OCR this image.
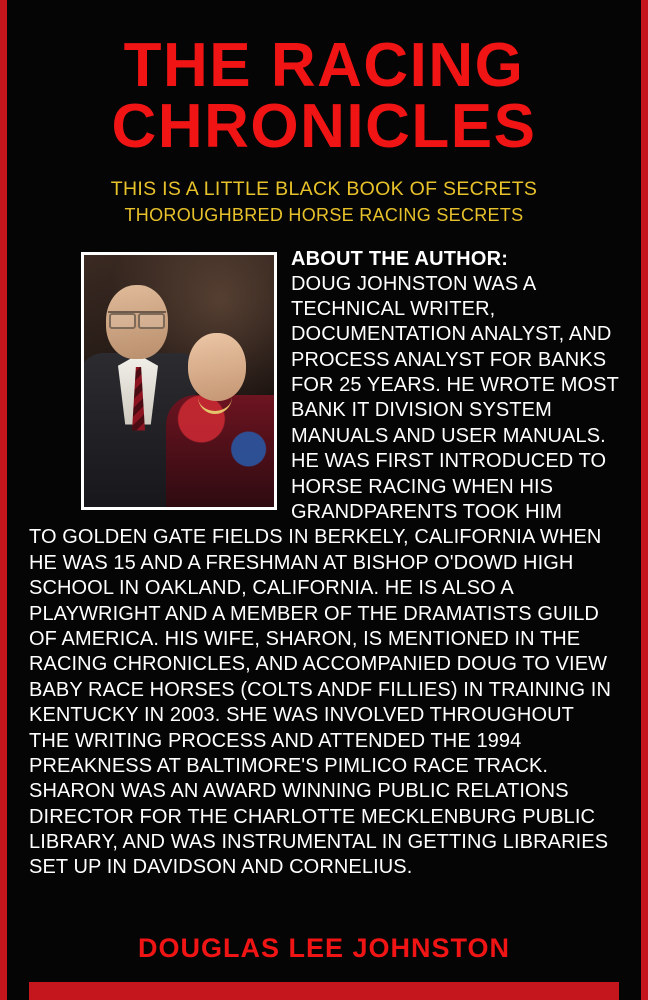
THE RACING
CHRONICLES
THIS IS A LITTLE BLACK BOOK OF SECRETS
THOROUGHBRED HORSE RACING SECRETS
ABOUT THE AUTHOR:
DOUG JOHNSTON WAS A TECHNICAL WRITER, DOCUMENTATION ANALYST, AND PROCESS ANALYST FOR BANKS FOR 25 YEARS. HE WROTE MOST BANK IT DIVISION SYSTEM MANUALS AND USER MANUALS. HE WAS FIRST INTRODUCED TO HORSE RACING WHEN HIS GRANDPARENTS TOOK HIM
TO GOLDEN GATE FIELDS IN BERKELY, CALIFORNIA WHEN HE WAS 15 AND A FRESHMAN AT BISHOP O'DOWD HIGH SCHOOL IN OAKLAND, CALIFORNIA. HE IS ALSO A PLAYWRIGHT AND A MEMBER OF THE DRAMATISTS GUILD OF AMERICA. HIS WIFE, SHARON, IS MENTIONED IN THE RACING CHRONICLES, AND ACCOMPANIED DOUG TO VIEW BABY RACE HORSES (COLTS ANDF FILLIES) IN TRAINING IN KENTUCKY IN 2003. SHE WAS INVOLVED THROUGHOUT THE WRITING PROCESS AND ATTENDED THE 1994 PREAKNESS AT BALTIMORE'S PIMLICO RACE TRACK. SHARON WAS AN AWARD WINNING PUBLIC RELATIONS DIRECTOR FOR THE CHARLOTTE MECKLENBURG PUBLIC LIBRARY, AND WAS INSTRUMENTAL IN GETTING LIBRARIES SET UP IN DAVIDSON AND CORNELIUS.
DOUGLAS LEE JOHNSTON
